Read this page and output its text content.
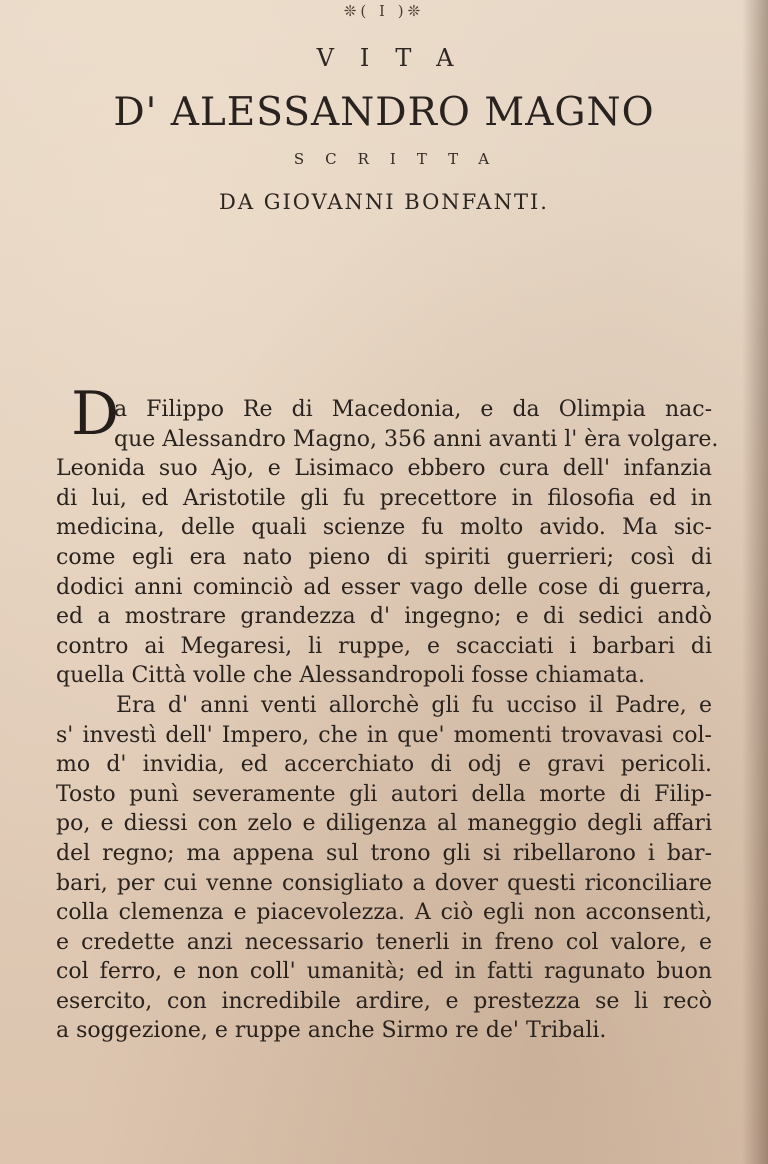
❊( I )❊
VITA
D' ALESSANDRO MAGNO
SCRITTA
DA GIOVANNI BONFANTI.
D
a Filippo Re di Macedonia, e da Olimpia nac-
que Alessandro Magno, 356 anni avanti l' èra volgare.
Leonida suo Ajo, e Lisimaco ebbero cura dell' infanzia
di lui, ed Aristotile gli fu precettore in filosofia ed in
medicina, delle quali scienze fu molto avido. Ma sic-
come egli era nato pieno di spiriti guerrieri; così di
dodici anni cominciò ad esser vago delle cose di guerra,
ed a mostrare grandezza d' ingegno; e di sedici andò
contro ai Megaresi, li ruppe, e scacciati i barbari di
quella Città volle che Alessandropoli fosse chiamata.
Era d' anni venti allorchè gli fu ucciso il Padre, e
s' investì dell' Impero, che in que' momenti trovavasi col-
mo d' invidia, ed accerchiato di odj e gravi pericoli.
Tosto punì severamente gli autori della morte di Filip-
po, e diessi con zelo e diligenza al maneggio degli affari
del regno; ma appena sul trono gli si ribellarono i bar-
bari, per cui venne consigliato a dover questi riconciliare
colla clemenza e piacevolezza. A ciò egli non acconsentì,
e credette anzi necessario tenerli in freno col valore, e
col ferro, e non coll' umanità; ed in fatti ragunato buon
esercito, con incredibile ardire, e prestezza se li recò
a soggezione, e ruppe anche Sirmo re de' Tribali.
